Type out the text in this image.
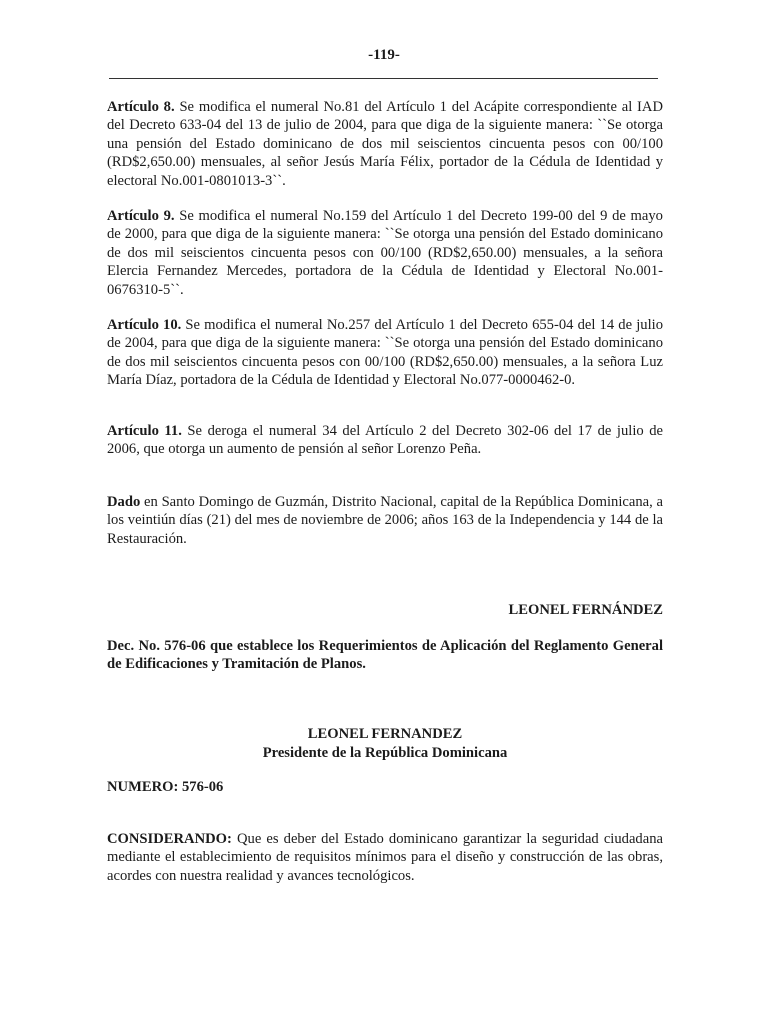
-119-
Artículo 8. Se modifica el numeral No.81 del Artículo 1 del Acápite correspondiente al IAD del Decreto 633-04 del 13 de julio de 2004, para que diga de la siguiente manera: ``Se otorga una pensión del Estado dominicano de dos mil seiscientos cincuenta pesos con 00/100 (RD$2,650.00) mensuales, al señor Jesús María Félix, portador de la Cédula de Identidad y electoral No.001-0801013-3``.
Artículo 9. Se modifica el numeral No.159 del Artículo 1 del Decreto 199-00 del 9 de mayo de 2000, para que diga de la siguiente manera: ``Se otorga una pensión del Estado dominicano de dos mil seiscientos cincuenta pesos con 00/100 (RD$2,650.00) mensuales, a la señora Elercia Fernandez Mercedes, portadora de la Cédula de Identidad y Electoral No.001-0676310-5``.
Artículo 10. Se modifica el numeral No.257 del Artículo 1 del Decreto 655-04 del 14 de julio de 2004, para que diga de la siguiente manera: ``Se otorga una pensión del Estado dominicano de dos mil seiscientos cincuenta pesos con 00/100 (RD$2,650.00) mensuales, a la señora Luz María Díaz, portadora de la Cédula de Identidad y Electoral No.077-0000462-0.
Artículo 11. Se deroga el numeral 34 del Artículo 2 del Decreto 302-06 del 17 de julio de 2006, que otorga un aumento de pensión al señor Lorenzo Peña.
Dado en Santo Domingo de Guzmán, Distrito Nacional, capital de la República Dominicana, a los veintiún días (21) del mes de noviembre de 2006; años 163 de la Independencia y 144 de la Restauración.
LEONEL FERNÁNDEZ
Dec. No. 576-06 que establece los Requerimientos de Aplicación del Reglamento General de Edificaciones y Tramitación de Planos.
LEONEL FERNANDEZ
Presidente de la República Dominicana
NUMERO: 576-06
CONSIDERANDO: Que es deber del Estado dominicano garantizar la seguridad ciudadana mediante el establecimiento de requisitos mínimos para el diseño y construcción de las obras, acordes con nuestra realidad y avances tecnológicos.
